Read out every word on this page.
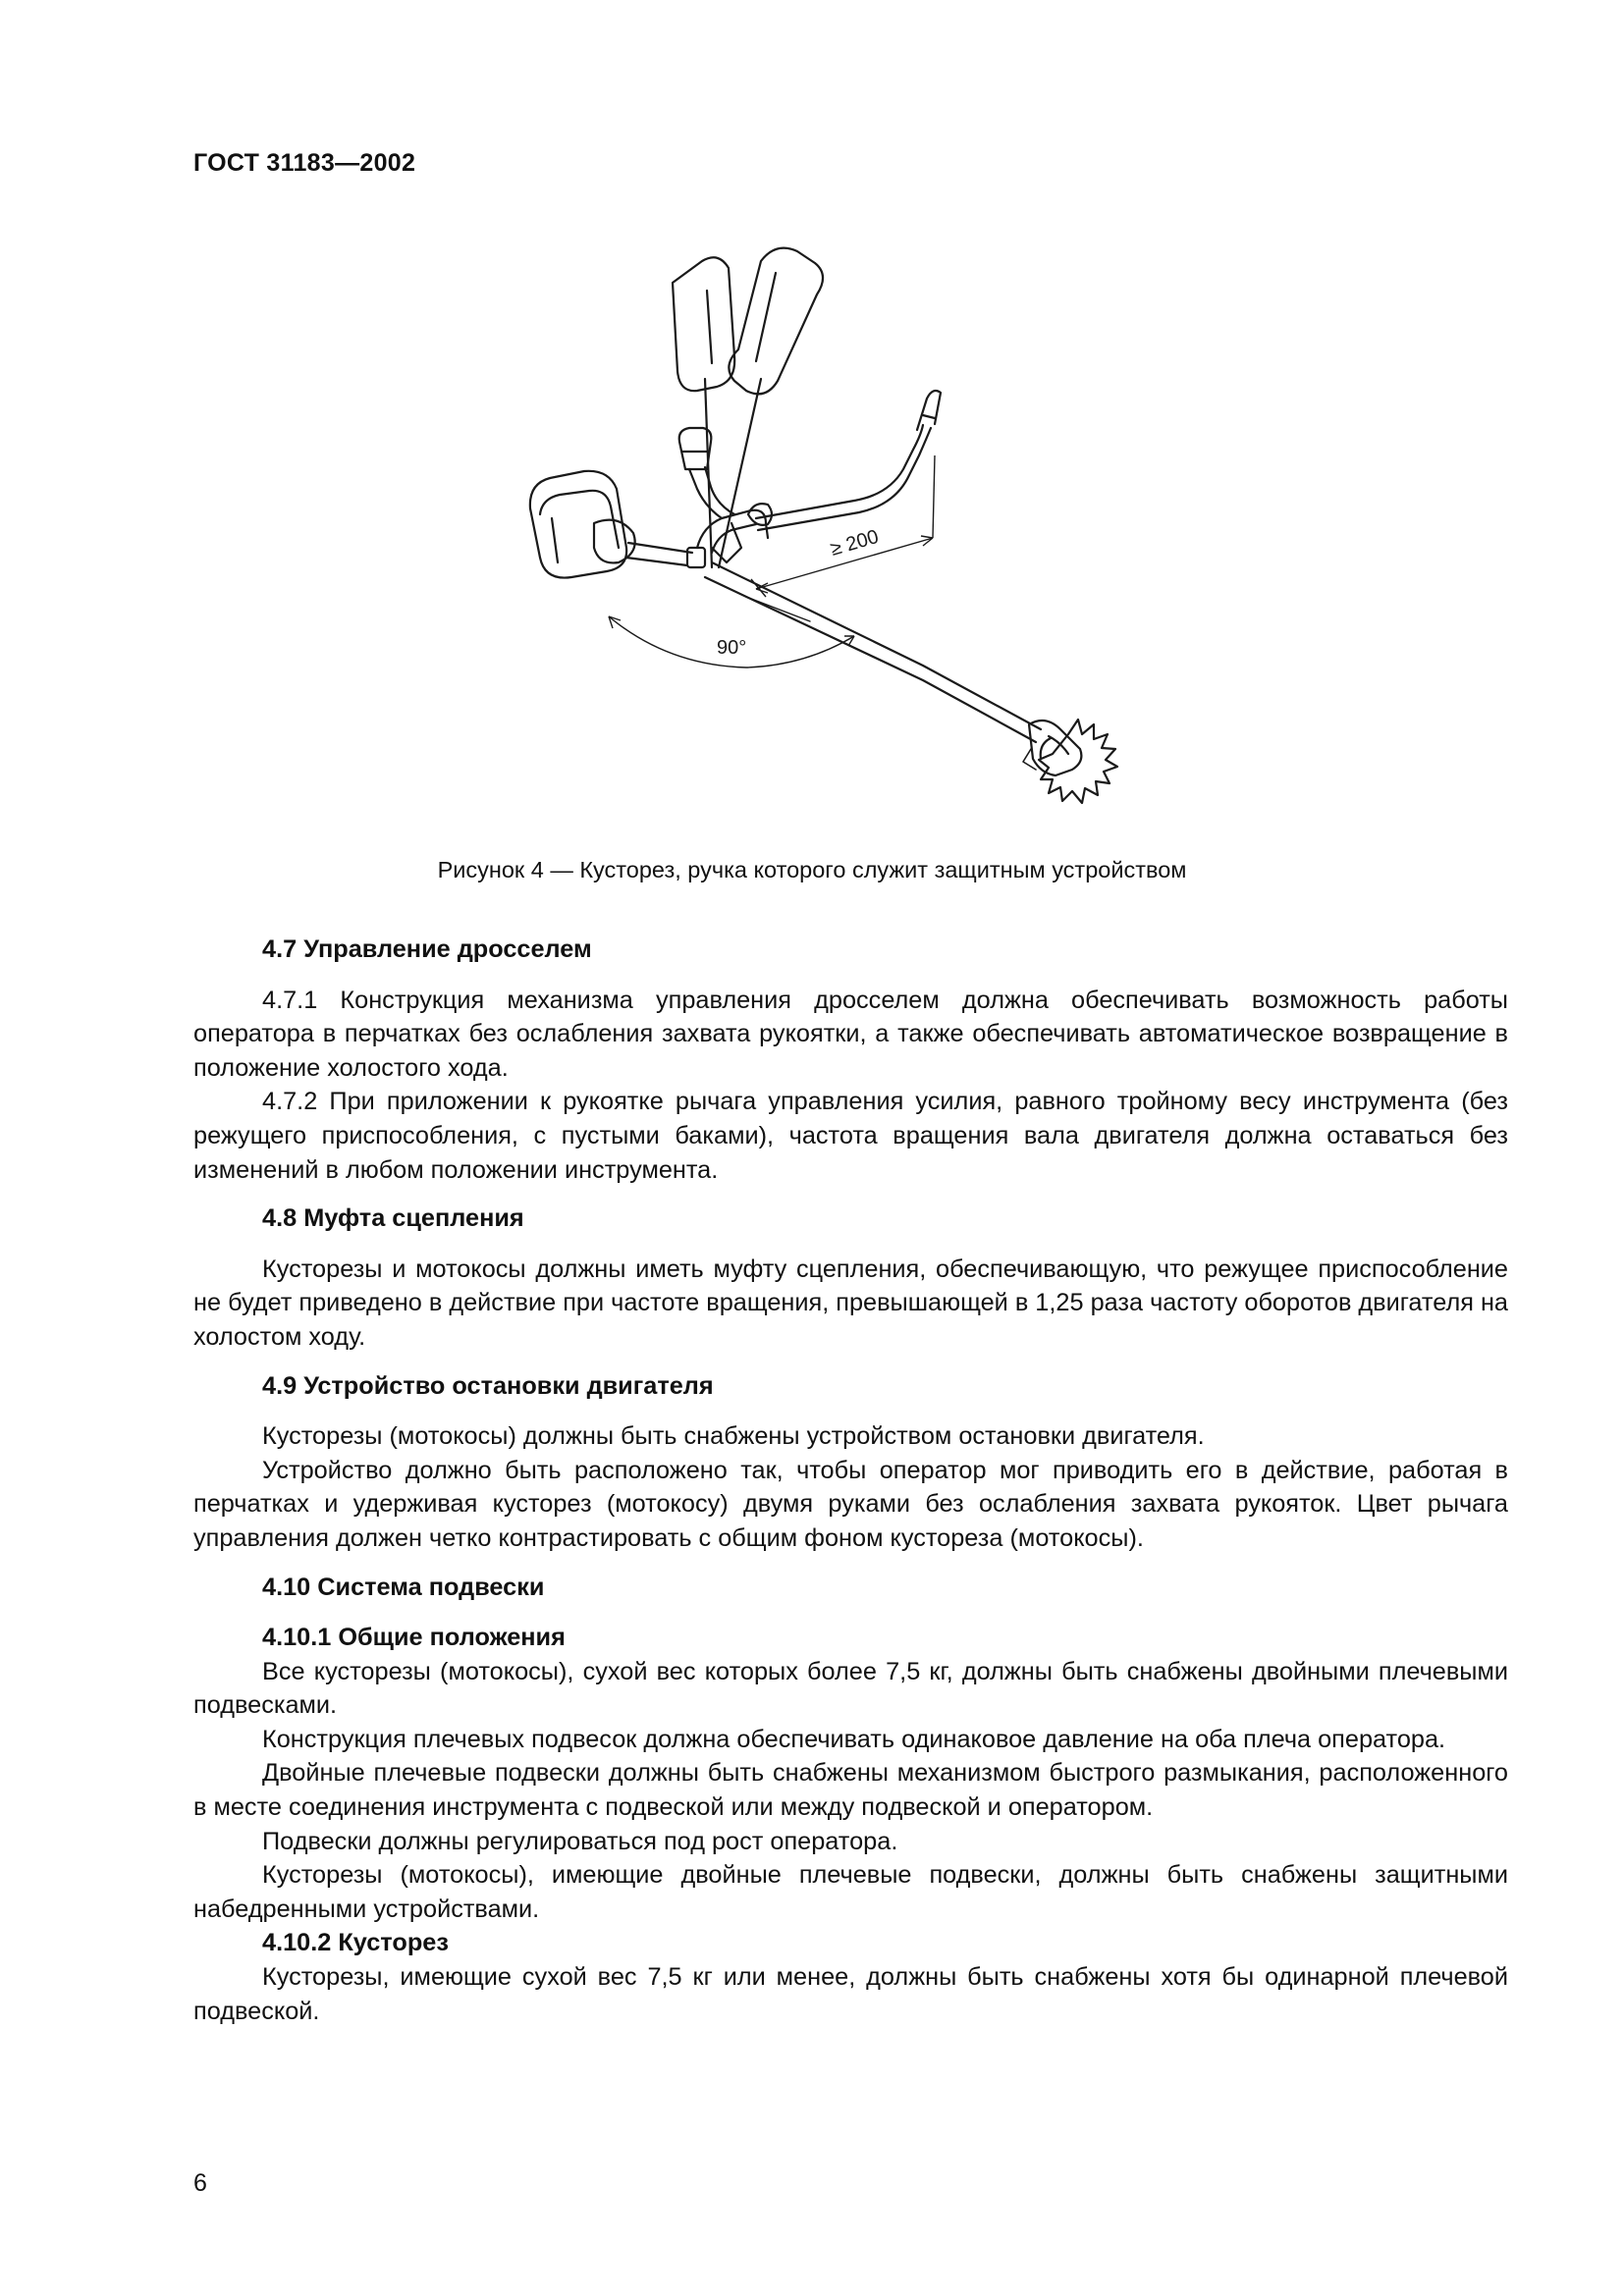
ГОСТ 31183—2002
≥ 200
90°
Рисунок 4 — Кусторез, ручка которого служит защитным устройством
4.7 Управление дросселем

4.7.1 Конструкция механизма управления дросселем должна обеспечивать возможность работы оператора в перчатках без ослабления захвата рукоятки, а также обеспечивать автоматическое возвращение в положение холостого хода.

4.7.2 При приложении к рукоятке рычага управления усилия, равного тройному весу инструмента (без режущего приспособления, с пустыми баками), частота вращения вала двигателя должна оставаться без изменений в любом положении инструмента.

4.8 Муфта сцепления

Кусторезы и мотокосы должны иметь муфту сцепления, обеспечивающую, что режущее приспособление не будет приведено в действие при частоте вращения, превышающей в 1,25 раза частоту оборотов двигателя на холостом ходу.

4.9 Устройство остановки двигателя

Кусторезы (мотокосы) должны быть снабжены устройством остановки двигателя.

Устройство должно быть расположено так, чтобы оператор мог приводить его в действие, работая в перчатках и удерживая кусторез (мотокосу) двумя руками без ослабления захвата рукояток. Цвет рычага управления должен четко контрастировать с общим фоном кустореза (мотокосы).

4.10 Система подвески
4.10.1 Общие положения

Все кусторезы (мотокосы), сухой вес которых более 7,5 кг, должны быть снабжены двойными плечевыми подвесками.

Конструкция плечевых подвесок должна обеспечивать одинаковое давление на оба плеча оператора.

Двойные плечевые подвески должны быть снабжены механизмом быстрого размыкания, расположенного в месте соединения инструмента с подвеской или между подвеской и оператором.

Подвески должны регулироваться под рост оператора.

Кусторезы (мотокосы), имеющие двойные плечевые подвески, должны быть снабжены защитными набедренными устройствами.

4.10.2 Кусторез

Кусторезы, имеющие сухой вес 7,5 кг или менее, должны быть снабжены хотя бы одинарной плечевой подвеской.

6
